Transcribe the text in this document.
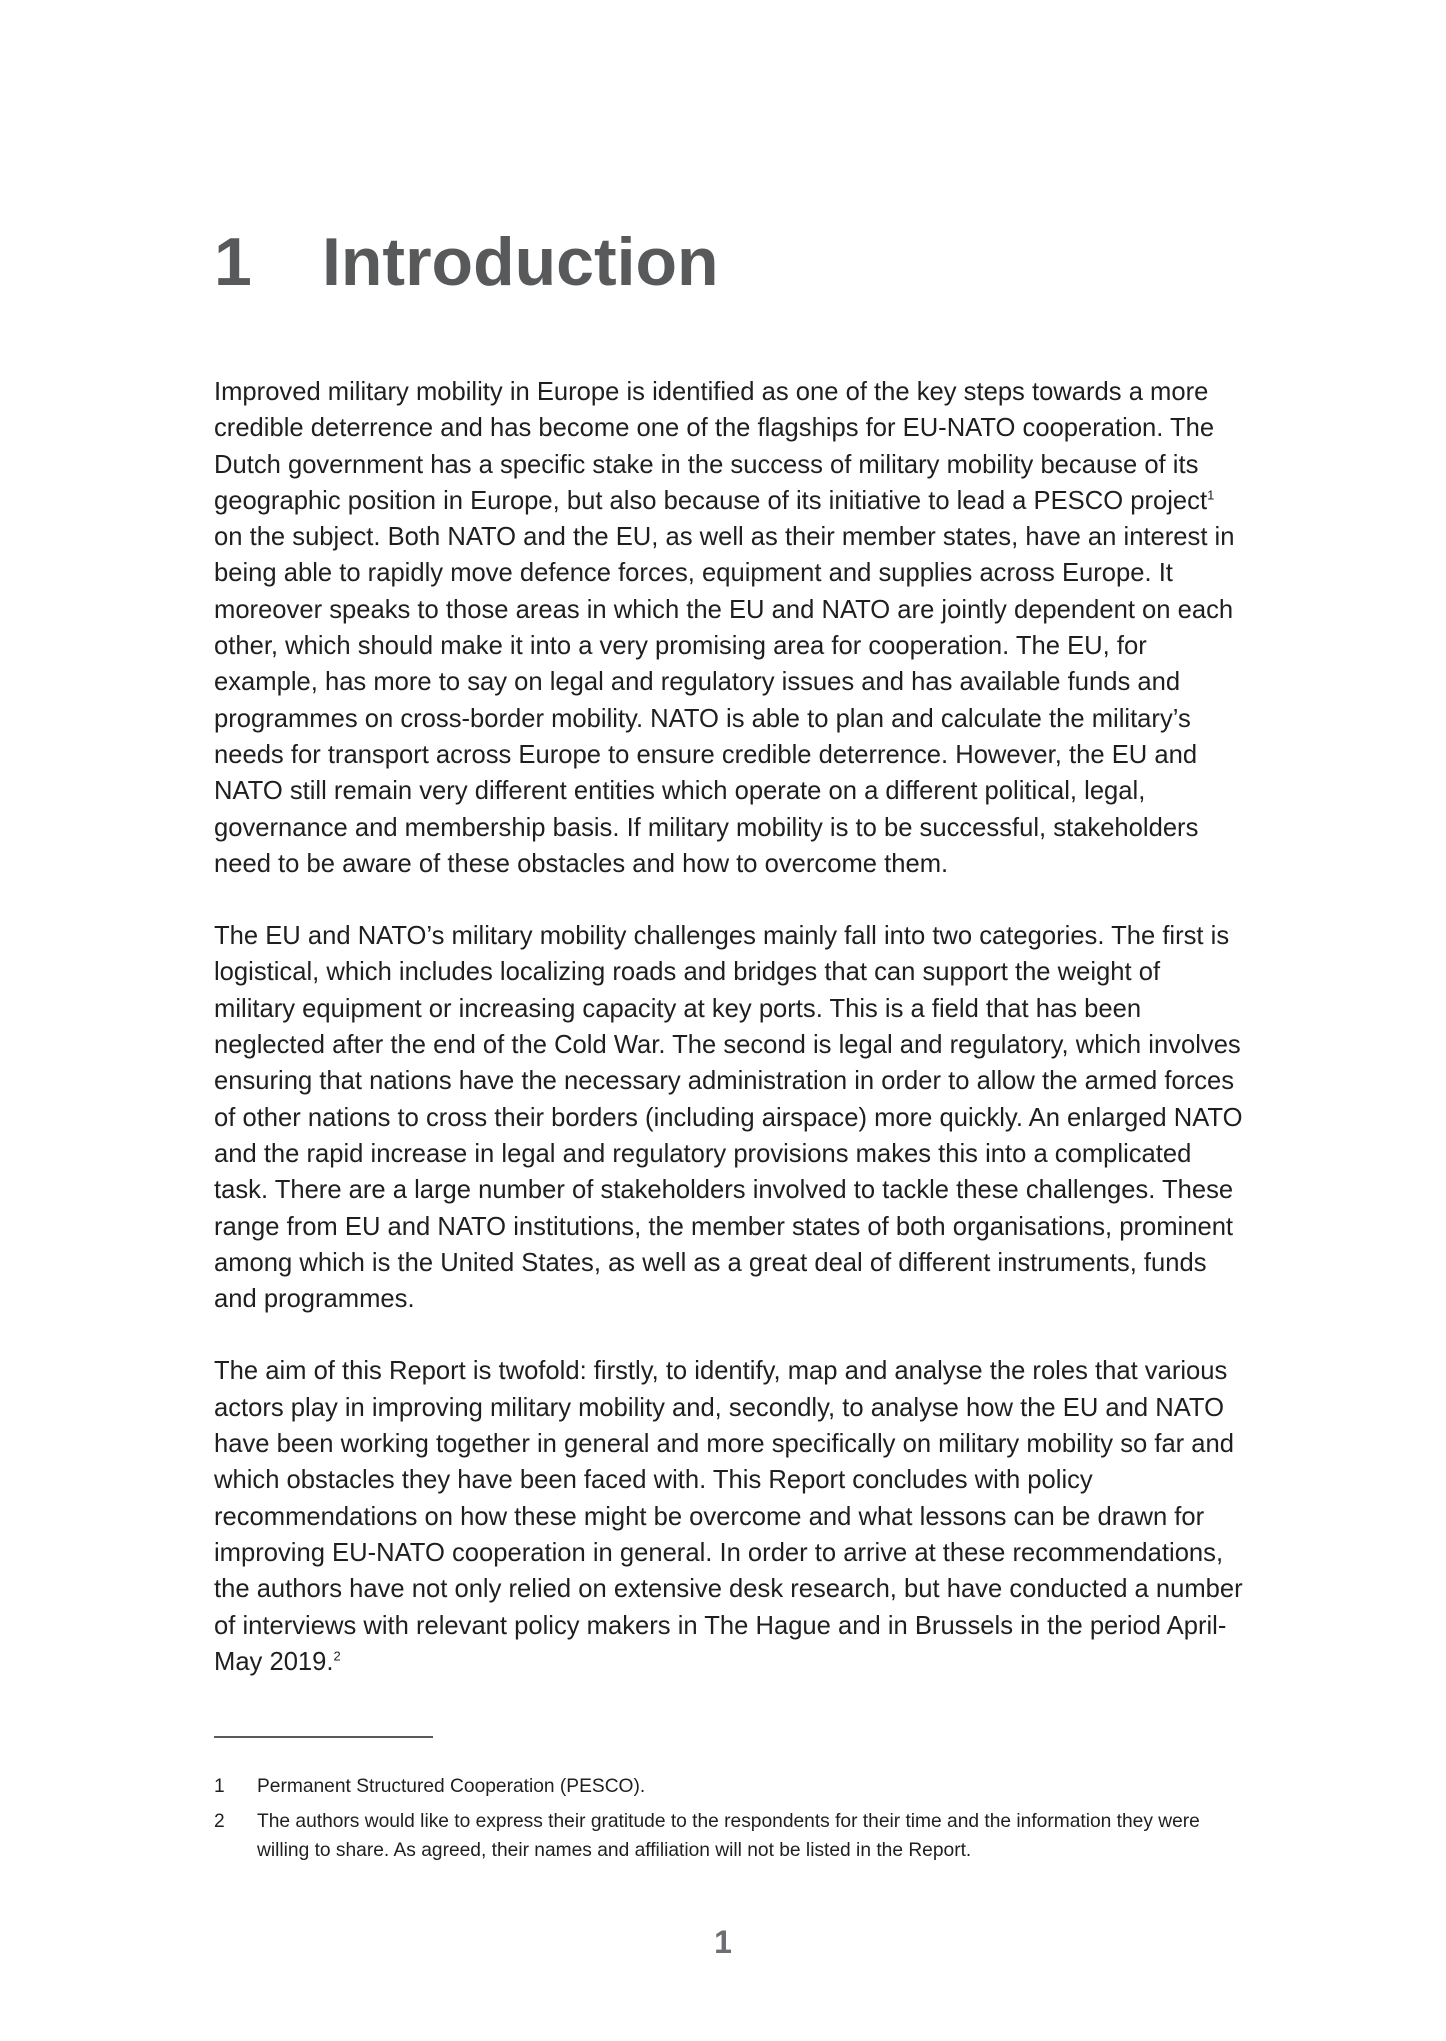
1 Introduction

Improved military mobility in Europe is identified as one of the key steps towards a more credible deterrence and has become one of the flagships for EU-NATO cooperation. The Dutch government has a specific stake in the success of military mobility because of its geographic position in Europe, but also because of its initiative to lead a PESCO project$^1$ on the subject. Both NATO and the EU, as well as their member states, have an interest in being able to rapidly move defence forces, equipment and supplies across Europe. It moreover speaks to those areas in which the EU and NATO are jointly dependent on each other, which should make it into a very promising area for cooperation. The EU, for example, has more to say on legal and regulatory issues and has available funds and programmes on cross-border mobility. NATO is able to plan and calculate the military’s needs for transport across Europe to ensure credible deterrence. However, the EU and NATO still remain very different entities which operate on a different political, legal, governance and membership basis. If military mobility is to be successful, stakeholders need to be aware of these obstacles and how to overcome them.

The EU and NATO’s military mobility challenges mainly fall into two categories. The first is logistical, which includes localizing roads and bridges that can support the weight of military equipment or increasing capacity at key ports. This is a field that has been neglected after the end of the Cold War. The second is legal and regulatory, which involves ensuring that nations have the necessary administration in order to allow the armed forces of other nations to cross their borders (including airspace) more quickly. An enlarged NATO and the rapid increase in legal and regulatory provisions makes this into a complicated task. There are a large number of stakeholders involved to tackle these challenges. These range from EU and NATO institutions, the member states of both organisations, prominent among which is the United States, as well as a great deal of different instruments, funds and programmes.

The aim of this Report is twofold: firstly, to identify, map and analyse the roles that various actors play in improving military mobility and, secondly, to analyse how the EU and NATO have been working together in general and more specifically on military mobility so far and which obstacles they have been faced with. This Report concludes with policy recommendations on how these might be overcome and what lessons can be drawn for improving EU-NATO cooperation in general. In order to arrive at these recommendations, the authors have not only relied on extensive desk research, but have conducted a number of interviews with relevant policy makers in The Hague and in Brussels in the period April-May 2019.$^2$

1 Permanent Structured Cooperation (PESCO).
2 The authors would like to express their gratitude to the respondents for their time and the information they were willing to share. As agreed, their names and affiliation will not be listed in the Report.
1
